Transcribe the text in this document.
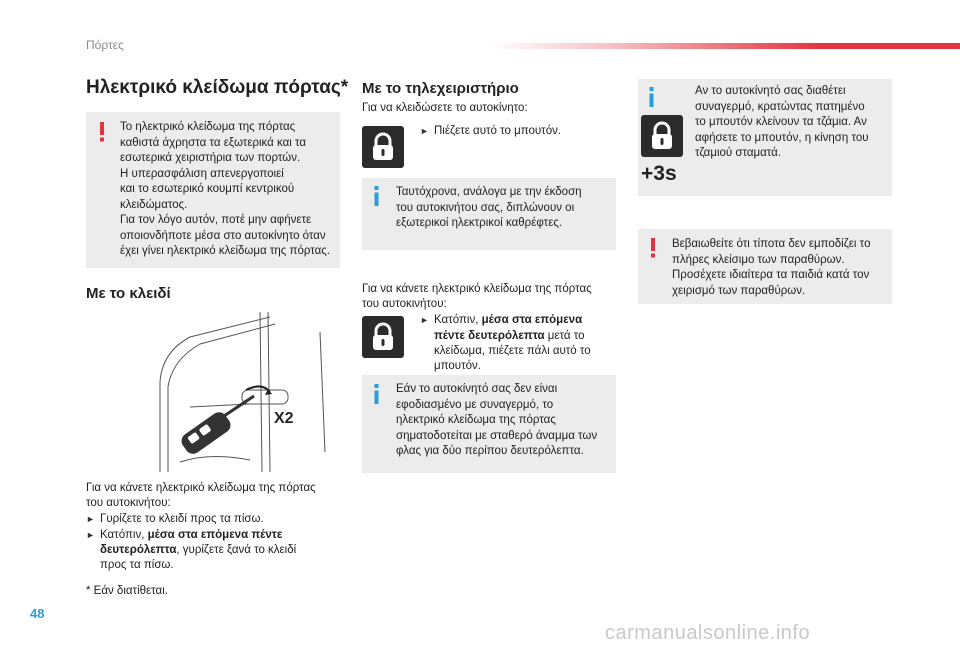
Πόρτες
Ηλεκτρικό κλείδωμα πόρτας*
Το ηλεκτρικό κλείδωμα της πόρτας
καθιστά άχρηστα τα εξωτερικά και τα
εσωτερικά χειριστήρια των πορτών.
Η υπερασφάλιση απενεργοποιεί
και το εσωτερικό κουμπί κεντρικού
κλειδώματος.
Για τον λόγο αυτόν, ποτέ μην αφήνετε
οποιονδήποτε μέσα στο αυτοκίνητο όταν
έχει γίνει ηλεκτρικό κλείδωμα της πόρτας.
Με το κλειδί
X2
Για να κάνετε ηλεκτρικό κλείδωμα της πόρτας
του αυτοκινήτου:
► Γυρίζετε το κλειδί προς τα πίσω.
► Κατόπιν, μέσα στα επόμενα πέντε
δευτερόλεπτα, γυρίζετε ξανά το κλειδί
προς τα πίσω.
* Εάν διατίθεται.
Με το τηλεχειριστήριο
Για να κλειδώσετε το αυτοκίνητο:
► Πιέζετε αυτό το μπουτόν.
Ταυτόχρονα, ανάλογα με την έκδοση
του αυτοκινήτου σας, διπλώνουν οι
εξωτερικοί ηλεκτρικοί καθρέφτες.
Για να κάνετε ηλεκτρικό κλείδωμα της πόρτας
του αυτοκινήτου:
► Κατόπιν, μέσα στα επόμενα
πέντε δευτερόλεπτα μετά το
κλείδωμα, πιέζετε πάλι αυτό το
μπουτόν.
Εάν το αυτοκίνητό σας δεν είναι
εφοδιασμένο με συναγερμό, το
ηλεκτρικό κλείδωμα της πόρτας
σηματοδοτείται με σταθερό άναμμα των
φλας για δύο περίπου δευτερόλεπτα.
+3s
Αν το αυτοκίνητό σας διαθέτει
συναγερμό, κρατώντας πατημένο
το μπουτόν κλείνουν τα τζάμια. Αν
αφήσετε το μπουτόν, η κίνηση του
τζαμιού σταματά.
Βεβαιωθείτε ότι τίποτα δεν εμποδίζει το
πλήρες κλείσιμο των παραθύρων.
Προσέχετε ιδιαίτερα τα παιδιά κατά τον
χειρισμό των παραθύρων.
48
carmanualsonline.info
